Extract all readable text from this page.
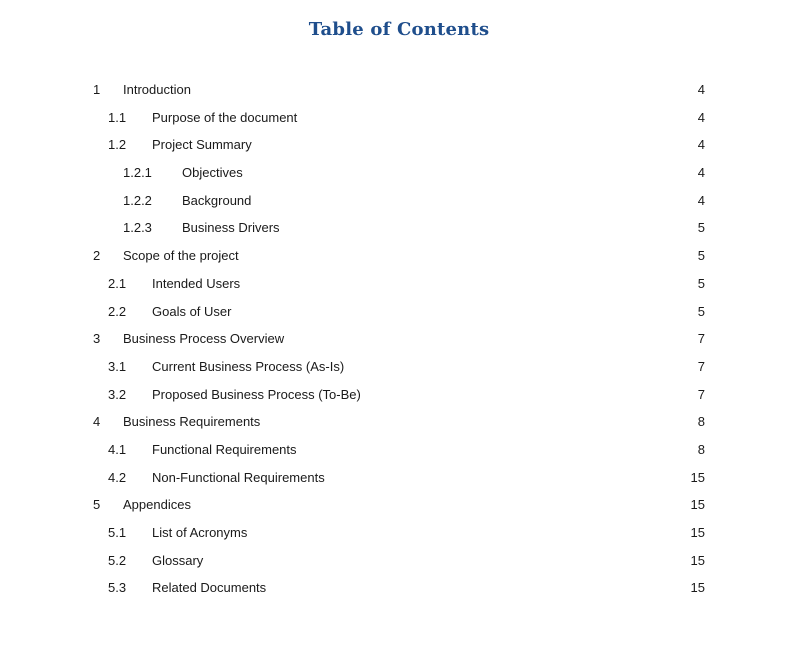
Table of Contents
1 Introduction	4
1.1 Purpose of the document	4
1.2 Project Summary	4
1.2.1 Objectives	4
1.2.2 Background	4
1.2.3 Business Drivers	5
2 Scope of the project	5
2.1 Intended Users	5
2.2 Goals of User	5
3 Business Process Overview	7
3.1 Current Business Process (As-Is)	7
3.2 Proposed Business Process (To-Be)	7
4 Business Requirements	8
4.1 Functional Requirements	8
4.2 Non-Functional Requirements	15
5 Appendices	15
5.1 List of Acronyms	15
5.2 Glossary	15
5.3 Related Documents	15
